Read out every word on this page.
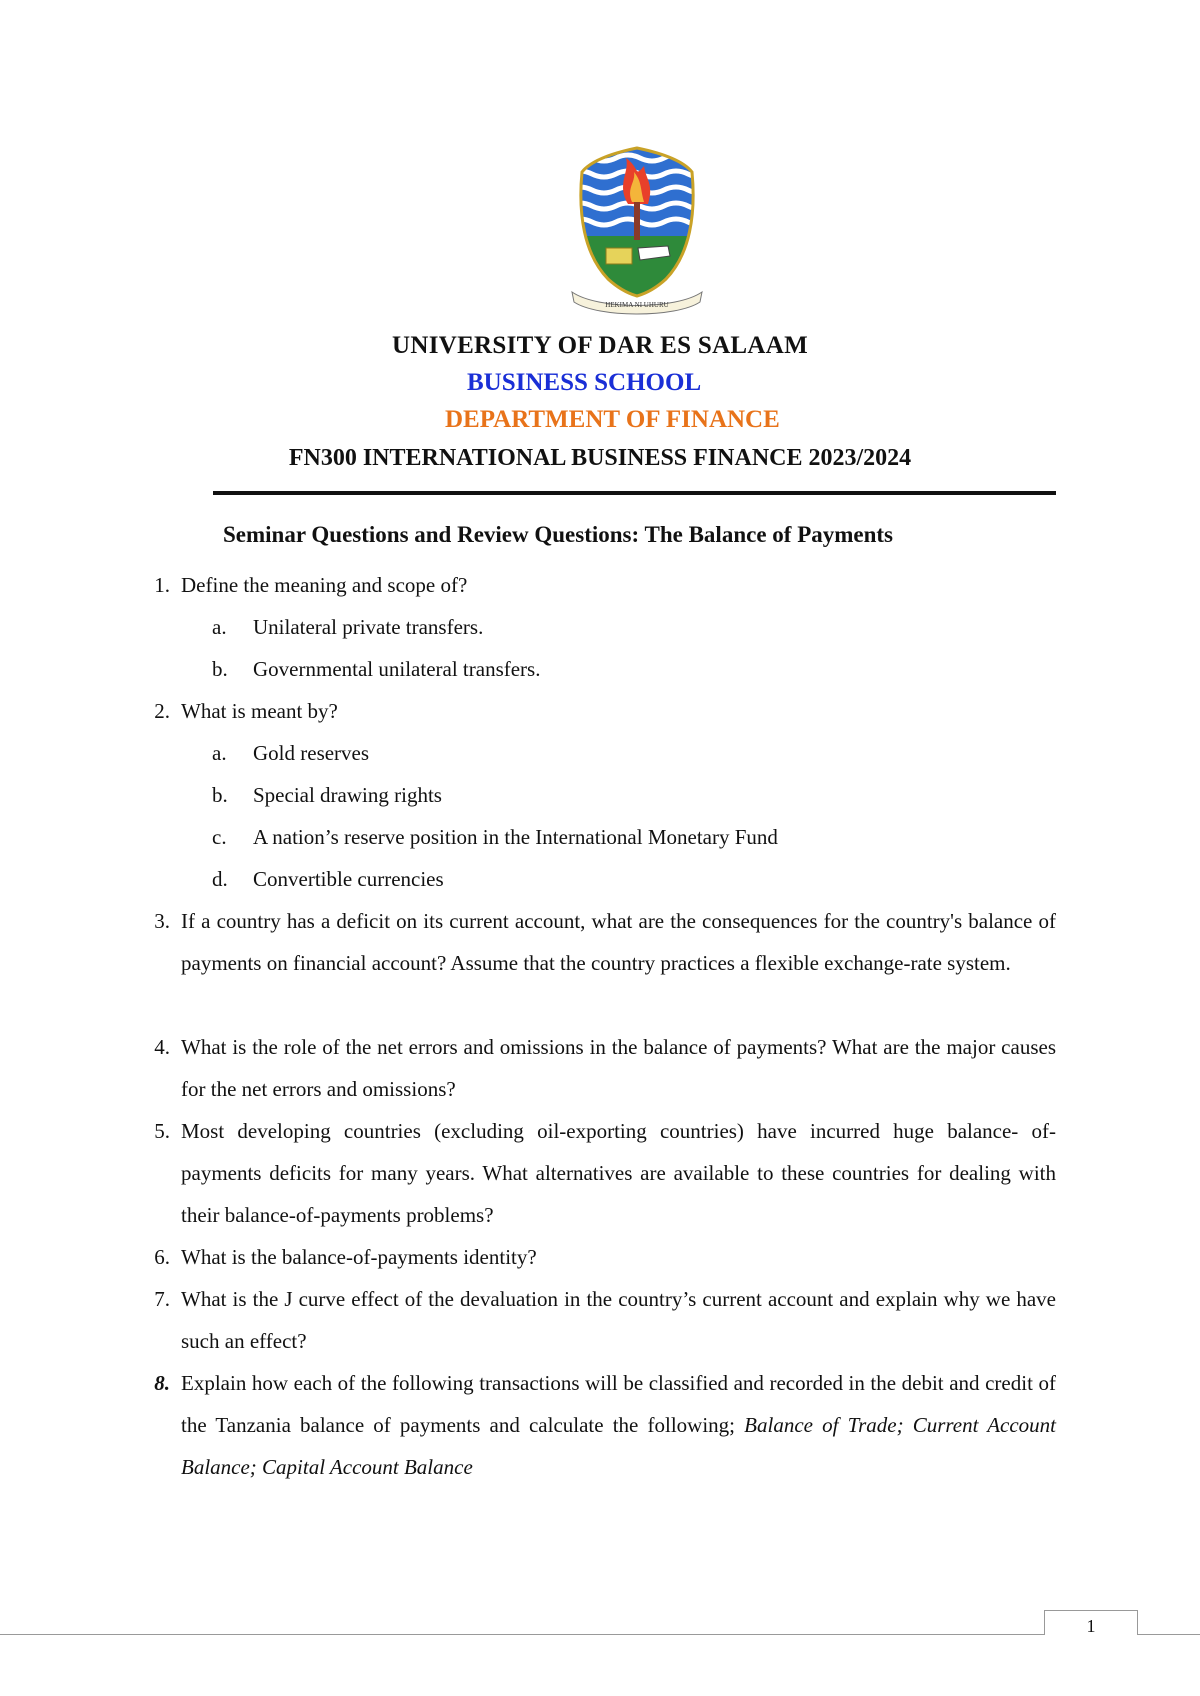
HEKIMA NI UHURU
UNIVERSITY OF DAR ES SALAAM
BUSINESS SCHOOL
DEPARTMENT OF FINANCE
FN300 INTERNATIONAL BUSINESS FINANCE 2023/2024
Seminar Questions and Review Questions: The Balance of Payments
1. Define the meaning and scope of?
a. Unilateral private transfers.
b. Governmental unilateral transfers.
2. What is meant by?
a. Gold reserves
b. Special drawing rights
c. A nation’s reserve position in the International Monetary Fund
d. Convertible currencies
3. If a country has a deficit on its current account, what are the consequences for the country's balance of payments on financial account? Assume that the country practices a flexible exchange-rate system.
4. What is the role of the net errors and omissions in the balance of payments? What are the major causes for the net errors and omissions?
5. Most developing countries (excluding oil-exporting countries) have incurred huge balance- of-payments deficits for many years. What alternatives are available to these countries for dealing with their balance-of-payments problems?
6. What is the balance-of-payments identity?
7. What is the J curve effect of the devaluation in the country’s current account and explain why we have such an effect?
8. Explain how each of the following transactions will be classified and recorded in the debit and credit of the Tanzania balance of payments and calculate the following; Balance of Trade; Current Account Balance; Capital Account Balance
1
